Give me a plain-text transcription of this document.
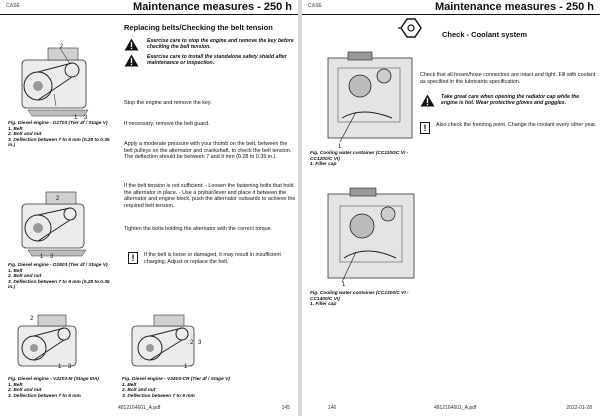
CASE	Maintenance measures - 250 h
Replacing belts/Checking the belt tension
Exercise care to stop the engine and remove the key before checking the belt tension.
Exercise care to install the standalone safety shield after maintenance or inspection.
Stop the engine and remove the key.
If necessary, remove the belt guard.
Apply a moderate pressure with your thumb on the belt, between the belt pulleys on the alternator and crankshaft, to check the belt tension. The deflection should be between 7 and 9 mm (0.28 to 0.35 in.).
If the belt tension is not sufficient: - Loosen the fastening bolts that hold the alternator in place. - Use a prybar/lever and place it between the alternator and engine block, push the alternator outwards to achieve the required belt tension.
Tighten the bolts holding the alternator with the correct torque.
!	If the belt is loose or damaged, it may result in insufficient charging. Adjust or replace the belt.
2
1 3
Fig. Diesel engine - D1703 (Tier 4f / Stage V)
1. Belt
2. Bolt and nut
3. Deflection between 7 to 9 mm (0.28 to 0.35 in.)
2
1 3
Fig. Diesel engine - D1803 (Tier 4f / Stage V)
1. Belt
2. Bolt and nut
3. Deflection between 7 to 9 mm (0.28 to 0.35 in.)
2
1 3
Fig. Diesel engine - V2203-M (Stage IIIA)
1. Belt
2. Bolt and nut
3. Deflection between 7 to 9 mm
2 3
1
Fig. Diesel engine - V2403-CR (Tier 4f / Stage V)
1. Belt
2. Bolt and nut
3. Deflection between 7 to 9 mm
4812164601_A.pdf	145
CASE	Maintenance measures - 250 h
Check - Coolant system
1
Fig. Cooling water container (CC1100/C VI - CC1200/C VI)
1. Filler cap
1
Fig. Cooling water container (CC1300/C VI - CC1400/C VI)
1. Filler cap
Check that all hoses/hose connectors are intact and tight. Fill with coolant as specified in the lubricants specification.
Take great care when opening the radiator cap while the engine is hot. Wear protective gloves and goggles.
!	Also check the freezing point. Change the coolant every other year.
146	4812164601_A.pdf	2022-01-28
